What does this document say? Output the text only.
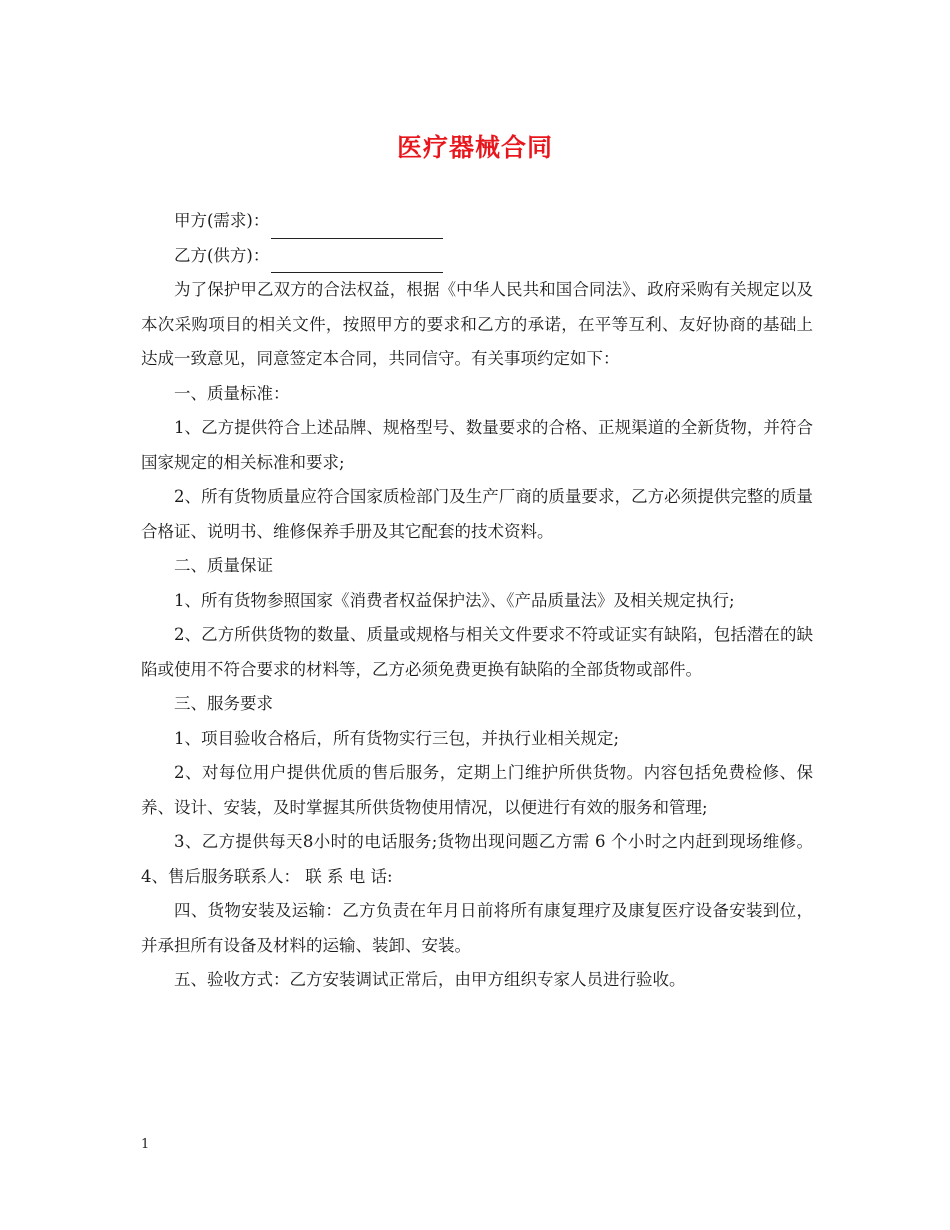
医疗器械合同

甲方(需求)：

乙方(供方)：

为了保护甲乙双方的合法权益，根据《中华人民共和国合同法》、政府采购有关规定以及本次采购项目的相关文件，按照甲方的要求和乙方的承诺，在平等互利、友好协商的基础上达成一致意见，同意签定本合同，共同信守。有关事项约定如下：

一、质量标准：

1、乙方提供符合上述品牌、规格型号、数量要求的合格、正规渠道的全新货物，并符合国家规定的相关标准和要求;

2、所有货物质量应符合国家质检部门及生产厂商的质量要求，乙方必须提供完整的质量合格证、说明书、维修保养手册及其它配套的技术资料。

二、质量保证

1、所有货物参照国家《消费者权益保护法》、《产品质量法》及相关规定执行;

2、乙方所供货物的数量、质量或规格与相关文件要求不符或证实有缺陷，包括潜在的缺陷或使用不符合要求的材料等，乙方必须免费更换有缺陷的全部货物或部件。

三、服务要求

1、项目验收合格后，所有货物实行三包，并执行业相关规定;

2、对每位用户提供优质的售后服务，定期上门维护所供货物。内容包括免费检修、保养、设计、安装，及时掌握其所供货物使用情况，以便进行有效的服务和管理;

3、乙方提供每天8小时的电话服务;货物出现问题乙方需 6 个小时之内赶到现场维修。 4、售后服务联系人： 联 系 电 话:

四、货物安装及运输：乙方负责在年月日前将所有康复理疗及康复医疗设备安装到位，并承担所有设备及材料的运输、装卸、安装。

五、验收方式：乙方安装调试正常后，由甲方组织专家人员进行验收。

1
